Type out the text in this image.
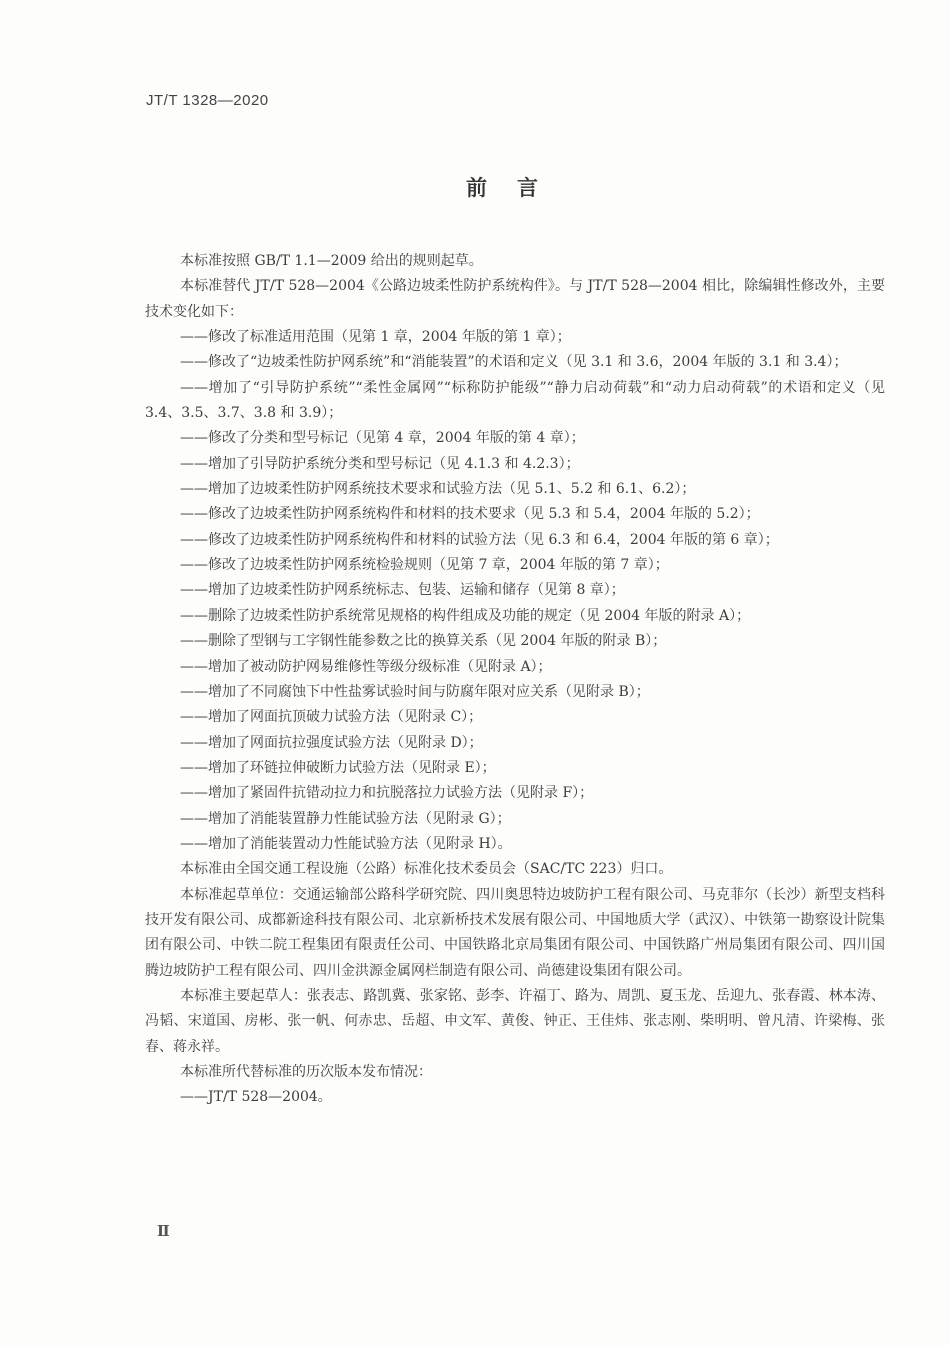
JT/T 1328—2020
前言

本标准按照 GB/T 1.1—2009 给出的规则起草。

本标准替代 JT/T 528—2004《公路边坡柔性防护系统构件》。与 JT/T 528—2004 相比，除编辑性修改外，主要技术变化如下：

——修改了标准适用范围（见第 1 章，2004 年版的第 1 章）；

——修改了“边坡柔性防护网系统”和“消能装置”的术语和定义（见 3.1 和 3.6，2004 年版的 3.1 和 3.4）；

——增加了“引导防护系统”“柔性金属网”“标称防护能级”“静力启动荷载”和“动力启动荷载”的术语和定义（见 3.4、3.5、3.7、3.8 和 3.9）；

——修改了分类和型号标记（见第 4 章，2004 年版的第 4 章）；

——增加了引导防护系统分类和型号标记（见 4.1.3 和 4.2.3）；

——增加了边坡柔性防护网系统技术要求和试验方法（见 5.1、5.2 和 6.1、6.2）；

——修改了边坡柔性防护网系统构件和材料的技术要求（见 5.3 和 5.4，2004 年版的 5.2）；

——修改了边坡柔性防护网系统构件和材料的试验方法（见 6.3 和 6.4，2004 年版的第 6 章）；

——修改了边坡柔性防护网系统检验规则（见第 7 章，2004 年版的第 7 章）；

——增加了边坡柔性防护网系统标志、包装、运输和储存（见第 8 章）；

——删除了边坡柔性防护系统常见规格的构件组成及功能的规定（见 2004 年版的附录 A）；

——删除了型钢与工字钢性能参数之比的换算关系（见 2004 年版的附录 B）；

——增加了被动防护网易维修性等级分级标准（见附录 A）；

——增加了不同腐蚀下中性盐雾试验时间与防腐年限对应关系（见附录 B）；

——增加了网面抗顶破力试验方法（见附录 C）；

——增加了网面抗拉强度试验方法（见附录 D）；

——增加了环链拉伸破断力试验方法（见附录 E）；

——增加了紧固件抗错动拉力和抗脱落拉力试验方法（见附录 F）；

——增加了消能装置静力性能试验方法（见附录 G）；

——增加了消能装置动力性能试验方法（见附录 H）。

本标准由全国交通工程设施（公路）标准化技术委员会（SAC/TC 223）归口。

本标准起草单位：交通运输部公路科学研究院、四川奥思特边坡防护工程有限公司、马克菲尔（长沙）新型支档科技开发有限公司、成都新途科技有限公司、北京新桥技术发展有限公司、中国地质大学（武汉）、中铁第一勘察设计院集团有限公司、中铁二院工程集团有限责任公司、中国铁路北京局集团有限公司、中国铁路广州局集团有限公司、四川国腾边坡防护工程有限公司、四川金洪源金属网栏制造有限公司、尚德建设集团有限公司。

本标准主要起草人：张表志、路凯冀、张家铭、彭李、许福丁、路为、周凯、夏玉龙、岳迎九、张春霞、林本涛、冯韬、宋道国、房彬、张一帆、何赤忠、岳超、申文军、黄俊、钟正、王佳炜、张志刚、柴明明、曾凡清、许梁梅、张春、蒋永祥。

本标准所代替标准的历次版本发布情况：

——JT/T 528—2004。

Ⅱ
